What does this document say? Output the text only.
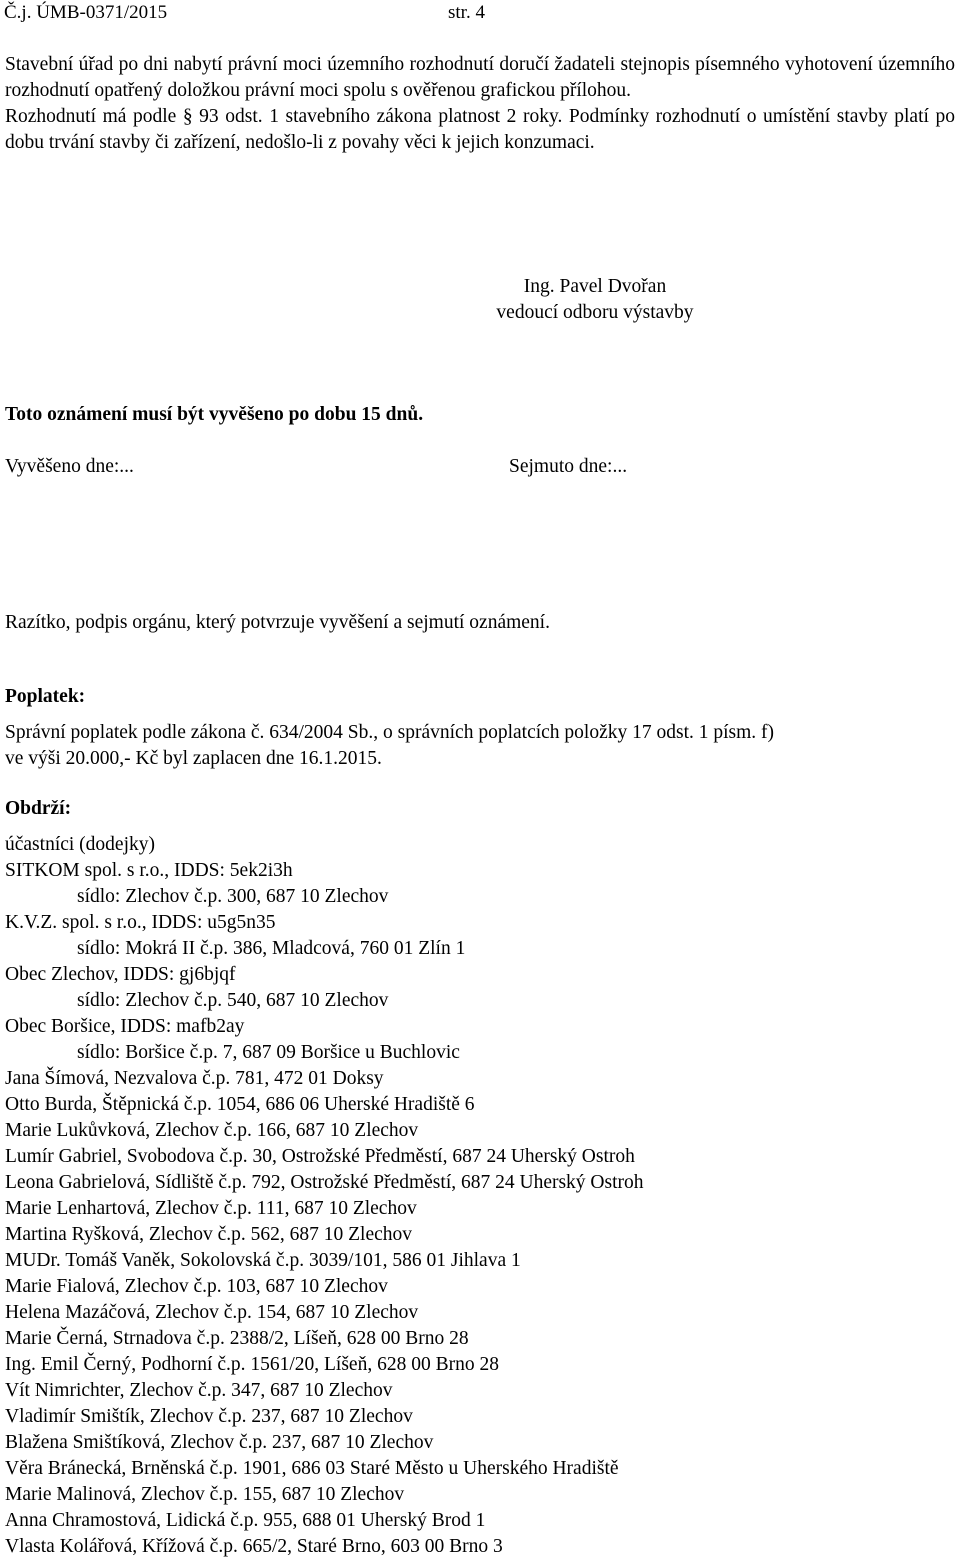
Č.j. ÚMB-0371/2015	str. 4

Stavební úřad po dni nabytí právní moci územního rozhodnutí doručí žadateli stejnopis písemného vyhotovení územního rozhodnutí opatřený doložkou právní moci spolu s ověřenou grafickou přílohou.

Rozhodnutí má podle § 93 odst. 1 stavebního zákona platnost 2 roky. Podmínky rozhodnutí o umístění stavby platí po dobu trvání stavby či zařízení, nedošlo-li z povahy věci k jejich konzumaci.

Ing. Pavel Dvořan
vedoucí odboru výstavby
Toto oznámení musí být vyvěšeno po dobu 15 dnů.
Vyvěšeno dne:...	Sejmuto dne:...
Razítko, podpis orgánu, který potvrzuje vyvěšení a sejmutí oznámení.
Poplatek:
Správní poplatek podle zákona č. 634/2004 Sb., o správních poplatcích položky 17 odst. 1 písm. f)
ve výši 20.000,- Kč byl zaplacen dne 16.1.2015.
Obdrží:
účastníci (dodejky)
SITKOM spol. s r.o., IDDS: 5ek2i3h
sídlo: Zlechov č.p. 300, 687 10 Zlechov
K.V.Z. spol. s r.o., IDDS: u5g5n35
sídlo: Mokrá II č.p. 386, Mladcová, 760 01 Zlín 1
Obec Zlechov, IDDS: gj6bjqf
sídlo: Zlechov č.p. 540, 687 10 Zlechov
Obec Boršice, IDDS: mafb2ay
sídlo: Boršice č.p. 7, 687 09 Boršice u Buchlovic
Jana Šímová, Nezvalova č.p. 781, 472 01 Doksy
Otto Burda, Štěpnická č.p. 1054, 686 06 Uherské Hradiště 6
Marie Lukůvková, Zlechov č.p. 166, 687 10 Zlechov
Lumír Gabriel, Svobodova č.p. 30, Ostrožské Předměstí, 687 24 Uherský Ostroh
Leona Gabrielová, Sídliště č.p. 792, Ostrožské Předměstí, 687 24 Uherský Ostroh
Marie Lenhartová, Zlechov č.p. 111, 687 10 Zlechov
Martina Ryšková, Zlechov č.p. 562, 687 10 Zlechov
MUDr. Tomáš Vaněk, Sokolovská č.p. 3039/101, 586 01 Jihlava 1
Marie Fialová, Zlechov č.p. 103, 687 10 Zlechov
Helena Mazáčová, Zlechov č.p. 154, 687 10 Zlechov
Marie Černá, Strnadova č.p. 2388/2, Líšeň, 628 00 Brno 28
Ing. Emil Černý, Podhorní č.p. 1561/20, Líšeň, 628 00 Brno 28
Vít Nimrichter, Zlechov č.p. 347, 687 10 Zlechov
Vladimír Smištík, Zlechov č.p. 237, 687 10 Zlechov
Blažena Smištíková, Zlechov č.p. 237, 687 10 Zlechov
Věra Bránecká, Brněnská č.p. 1901, 686 03 Staré Město u Uherského Hradiště
Marie Malinová, Zlechov č.p. 155, 687 10 Zlechov
Anna Chramostová, Lidická č.p. 955, 688 01 Uherský Brod 1
Vlasta Kolářová, Křížová č.p. 665/2, Staré Brno, 603 00 Brno 3
